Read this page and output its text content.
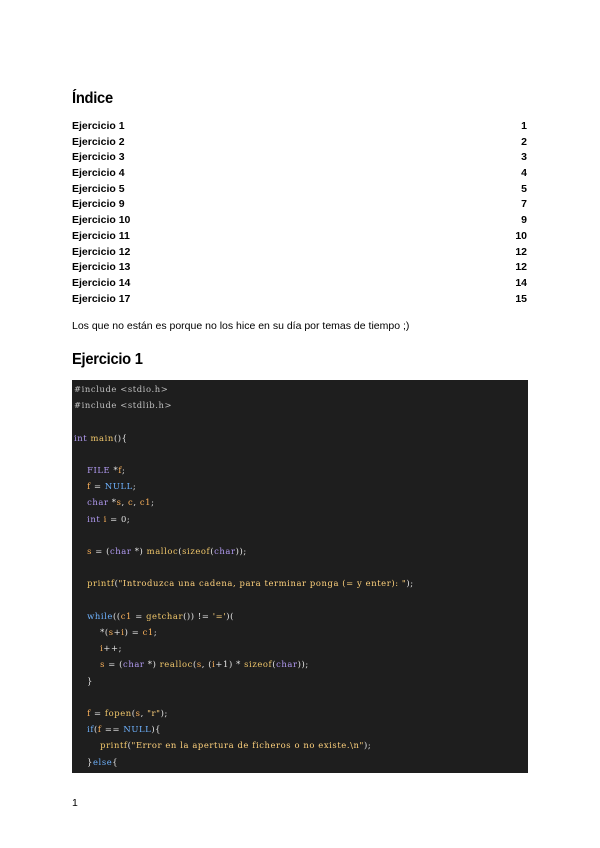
Índice
Ejercicio 1	1
Ejercicio 2	2
Ejercicio 3	3
Ejercicio 4	4
Ejercicio 5	5
Ejercicio 9	7
Ejercicio 10	9
Ejercicio 11	10
Ejercicio 12	12
Ejercicio 13	12
Ejercicio 14	14
Ejercicio 17	15
Los que no están es porque no los hice en su día por temas de tiempo ;)
Ejercicio 1
#include <stdio.h>
#include <stdlib.h>
int main(){
FILE *f;
f = NULL;
char *s, c, c1;
int i = 0;
s = (char *) malloc(sizeof(char));
printf("Introduzca una cadena, para terminar ponga (= y enter): ");
while((c1 = getchar()) != '=')(
*(s+i) = c1;
i++;
s = (char *) realloc(s, (i+1) * sizeof(char));
}
f = fopen(s, "r");
if(f == NULL){
printf("Error en la apertura de ficheros o no existe.\n");
}else{
1
